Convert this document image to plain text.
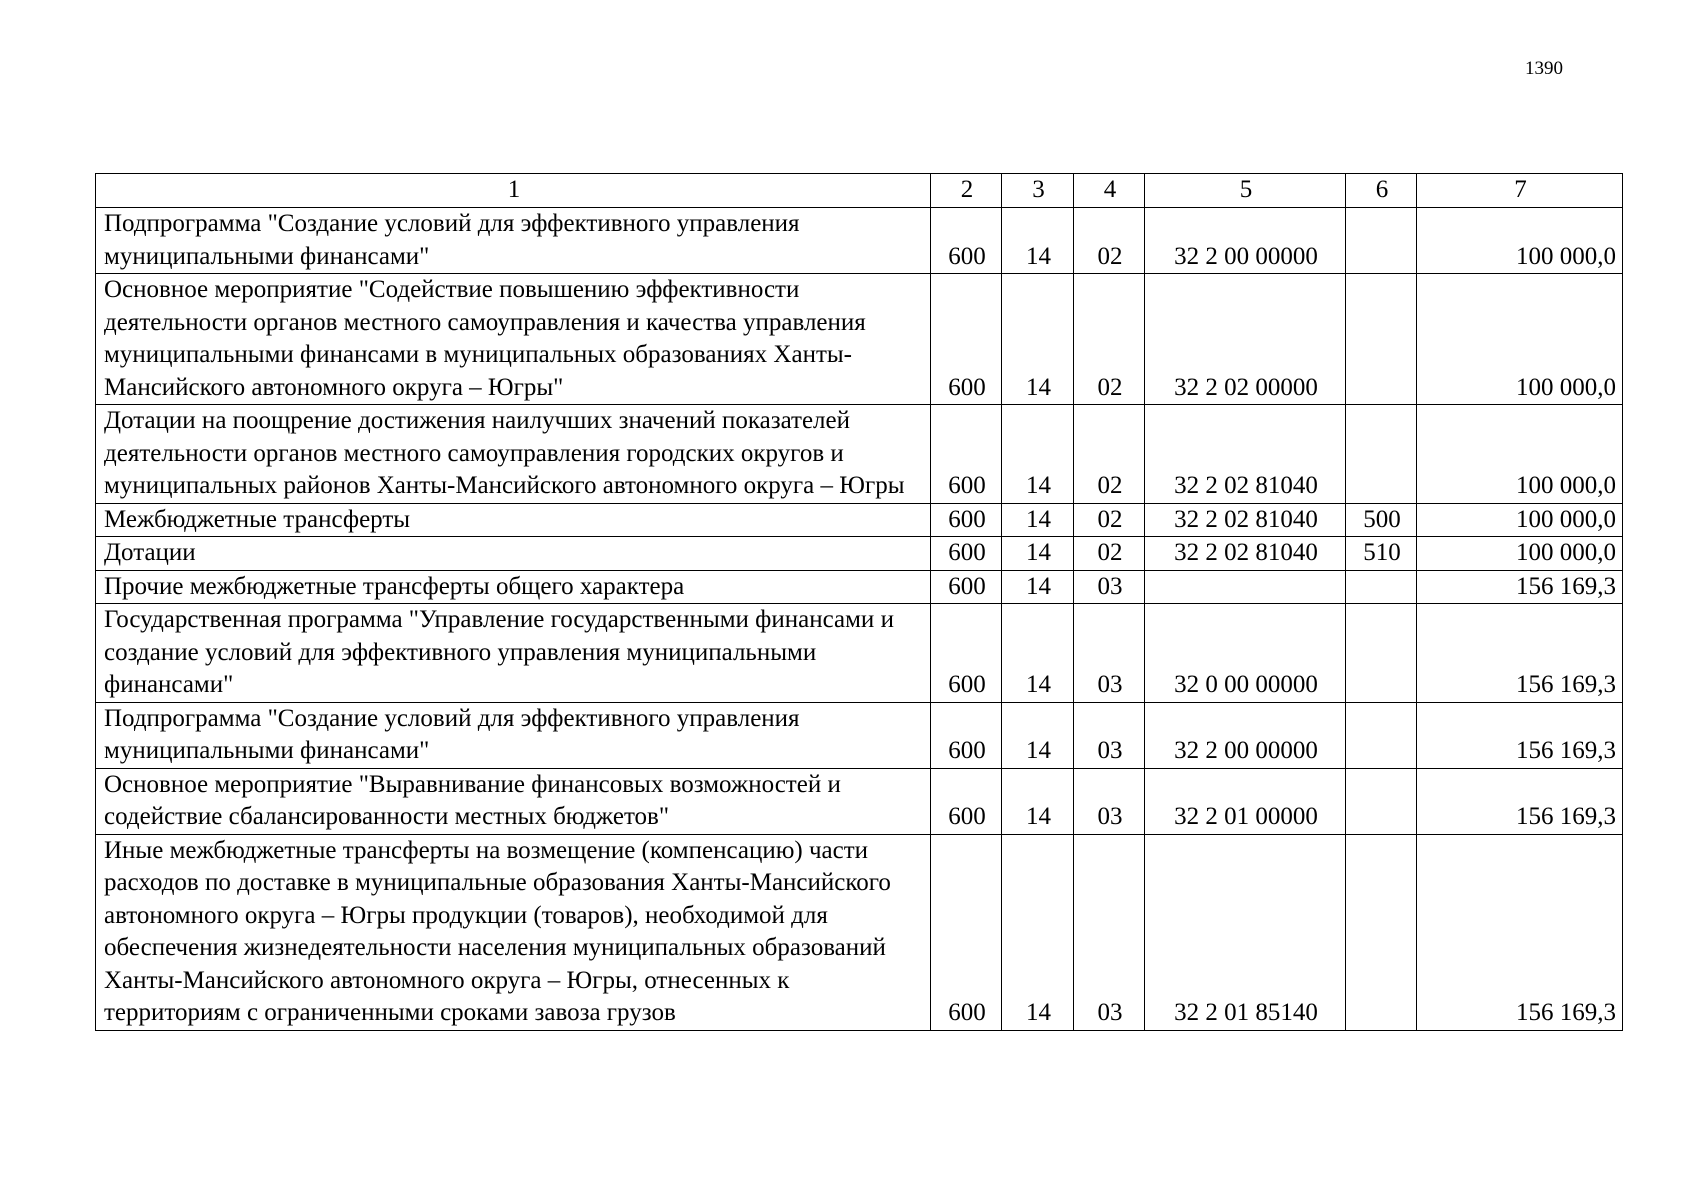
1390
1	2	3	4	5	6	7
Подпрограмма "Создание условий для эффективного управления муниципальными финансами"	600	14	02	32 2 00 00000		100 000,0
Основное мероприятие "Содействие повышению эффективности деятельности органов местного самоуправления и качества управления муниципальными финансами в муниципальных образованиях Ханты-Мансийского автономного округа – Югры"	600	14	02	32 2 02 00000		100 000,0
Дотации на поощрение достижения наилучших значений показателей деятельности органов местного самоуправления городских округов и муниципальных районов Ханты-Мансийского автономного округа – Югры	600	14	02	32 2 02 81040		100 000,0
Межбюджетные трансферты	600	14	02	32 2 02 81040	500	100 000,0
Дотации	600	14	02	32 2 02 81040	510	100 000,0
Прочие межбюджетные трансферты общего характера	600	14	03			156 169,3
Государственная программа "Управление государственными финансами и создание условий для эффективного управления муниципальными финансами"	600	14	03	32 0 00 00000		156 169,3
Подпрограмма "Создание условий для эффективного управления муниципальными финансами"	600	14	03	32 2 00 00000		156 169,3
Основное мероприятие "Выравнивание финансовых возможностей и содействие сбалансированности местных бюджетов"	600	14	03	32 2 01 00000		156 169,3
Иные межбюджетные трансферты на возмещение (компенсацию) части расходов по доставке в муниципальные образования Ханты-Мансийского автономного округа – Югры продукции (товаров), необходимой для обеспечения жизнедеятельности населения муниципальных образований Ханты-Мансийского автономного округа – Югры, отнесенных к территориям с ограниченными сроками завоза грузов	600	14	03	32 2 01 85140		156 169,3
